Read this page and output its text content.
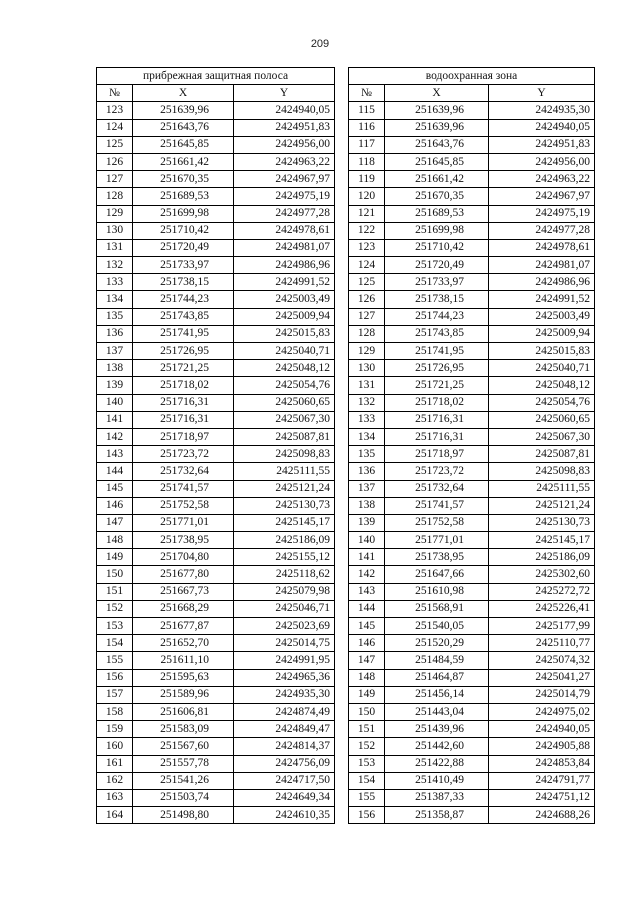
209
прибрежная защитная полоса		
№	X	Y
123	251639,96	2424940,05
124	251643,76	2424951,83
125	251645,85	2424956,00
126	251661,42	2424963,22
127	251670,35	2424967,97
128	251689,53	2424975,19
129	251699,98	2424977,28
130	251710,42	2424978,61
131	251720,49	2424981,07
132	251733,97	2424986,96
133	251738,15	2424991,52
134	251744,23	2425003,49
135	251743,85	2425009,94
136	251741,95	2425015,83
137	251726,95	2425040,71
138	251721,25	2425048,12
139	251718,02	2425054,76
140	251716,31	2425060,65
141	251716,31	2425067,30
142	251718,97	2425087,81
143	251723,72	2425098,83
144	251732,64	2425111,55
145	251741,57	2425121,24
146	251752,58	2425130,73
147	251771,01	2425145,17
148	251738,95	2425186,09
149	251704,80	2425155,12
150	251677,80	2425118,62
151	251667,73	2425079,98
152	251668,29	2425046,71
153	251677,87	2425023,69
154	251652,70	2425014,75
155	251611,10	2424991,95
156	251595,63	2424965,36
157	251589,96	2424935,30
158	251606,81	2424874,49
159	251583,09	2424849,47
160	251567,60	2424814,37
161	251557,78	2424756,09
162	251541,26	2424717,50
163	251503,74	2424649,34
164	251498,80	2424610,35
водоохранная зона		
№	X	Y
115	251639,96	2424935,30
116	251639,96	2424940,05
117	251643,76	2424951,83
118	251645,85	2424956,00
119	251661,42	2424963,22
120	251670,35	2424967,97
121	251689,53	2424975,19
122	251699,98	2424977,28
123	251710,42	2424978,61
124	251720,49	2424981,07
125	251733,97	2424986,96
126	251738,15	2424991,52
127	251744,23	2425003,49
128	251743,85	2425009,94
129	251741,95	2425015,83
130	251726,95	2425040,71
131	251721,25	2425048,12
132	251718,02	2425054,76
133	251716,31	2425060,65
134	251716,31	2425067,30
135	251718,97	2425087,81
136	251723,72	2425098,83
137	251732,64	2425111,55
138	251741,57	2425121,24
139	251752,58	2425130,73
140	251771,01	2425145,17
141	251738,95	2425186,09
142	251647,66	2425302,60
143	251610,98	2425272,72
144	251568,91	2425226,41
145	251540,05	2425177,99
146	251520,29	2425110,77
147	251484,59	2425074,32
148	251464,87	2425041,27
149	251456,14	2425014,79
150	251443,04	2424975,02
151	251439,96	2424940,05
152	251442,60	2424905,88
153	251422,88	2424853,84
154	251410,49	2424791,77
155	251387,33	2424751,12
156	251358,87	2424688,26
